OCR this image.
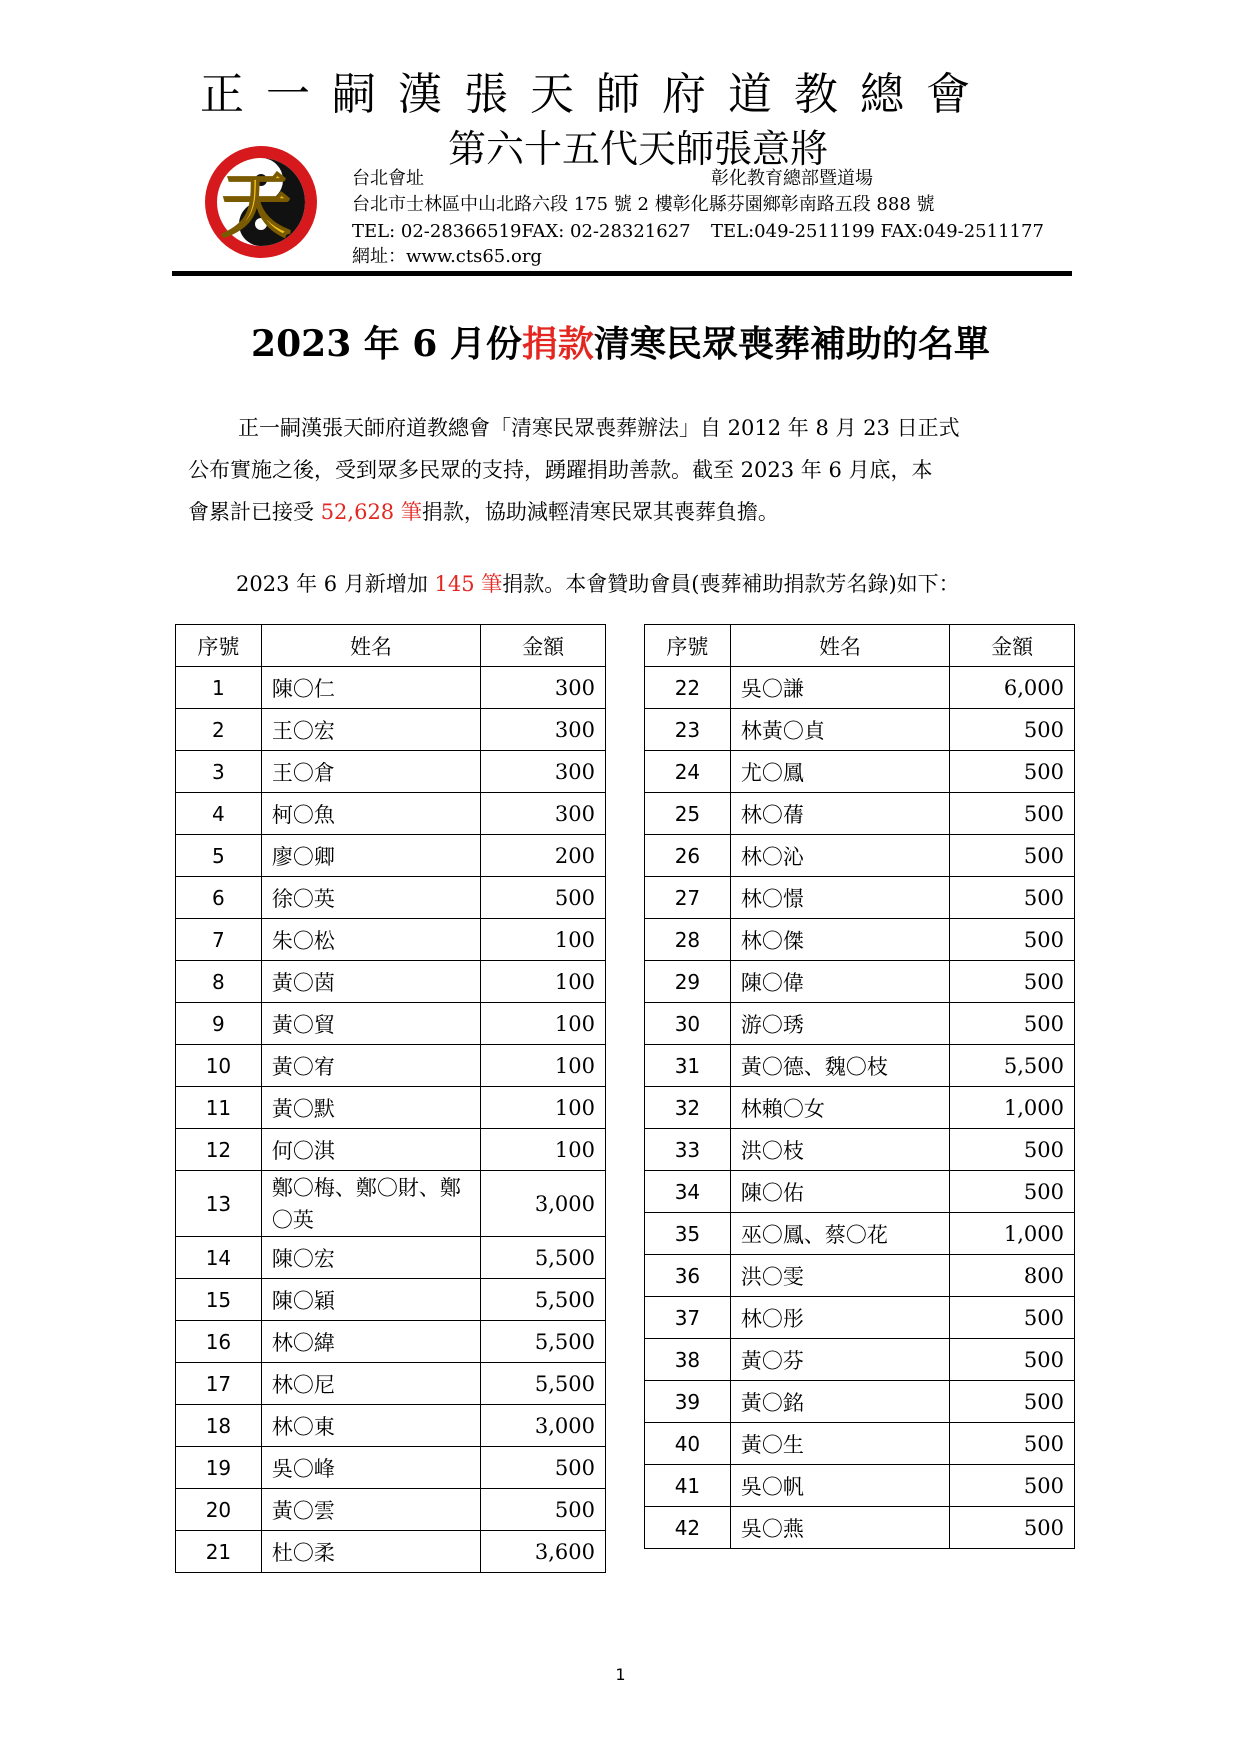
正一嗣漢張天師府道教總會
第六十五代天師張意將
天	台北會址	彰化教育總部暨道場
台北市士林區中山北路六段 175 號 2 樓彰化縣芬園鄉彰南路五段 888 號
TEL: 02-28366519FAX: 02-28321627 TEL:049-2511199 FAX:049-2511177
網址：www.cts65.org
2023 年 6 月份捐款清寒民眾喪葬補助的名單

正一嗣漢張天師府道教總會「清寒民眾喪葬辦法」自 2012 年 8 月 23 日正式

公布實施之後，受到眾多民眾的支持，踴躍捐助善款。截至 2023 年 6 月底，本

會累計已接受 52,628 筆捐款，協助減輕清寒民眾其喪葬負擔。

2023 年 6 月新增加 145 筆捐款。本會贊助會員(喪葬補助捐款芳名錄)如下：

序號	姓名	金額
1	陳〇仁	300
2	王〇宏	300
3	王〇倉	300
4	柯〇魚	300
5	廖〇卿	200
6	徐〇英	500
7	朱〇松	100
8	黃〇茵	100
9	黃〇貿	100
10	黃〇宥	100
11	黃〇默	100
12	何〇淇	100
13	鄭〇梅、鄭〇財、鄭〇英	3,000
14	陳〇宏	5,500
15	陳〇穎	5,500
16	林〇緯	5,500
17	林〇尼	5,500
18	林〇東	3,000
19	吳〇峰	500
20	黃〇雲	500
21	杜〇柔	3,600
序號	姓名	金額
22	吳〇謙	6,000
23	林黃〇貞	500
24	尤〇鳳	500
25	林〇蒨	500
26	林〇沁	500
27	林〇憬	500
28	林〇傑	500
29	陳〇偉	500
30	游〇琇	500
31	黃〇德、魏〇枝	5,500
32	林賴〇女	1,000
33	洪〇枝	500
34	陳〇佑	500
35	巫〇鳳、蔡〇花	1,000
36	洪〇雯	800
37	林〇彤	500
38	黃〇芬	500
39	黃〇銘	500
40	黃〇生	500
41	吳〇帆	500
42	吳〇燕	500
1
